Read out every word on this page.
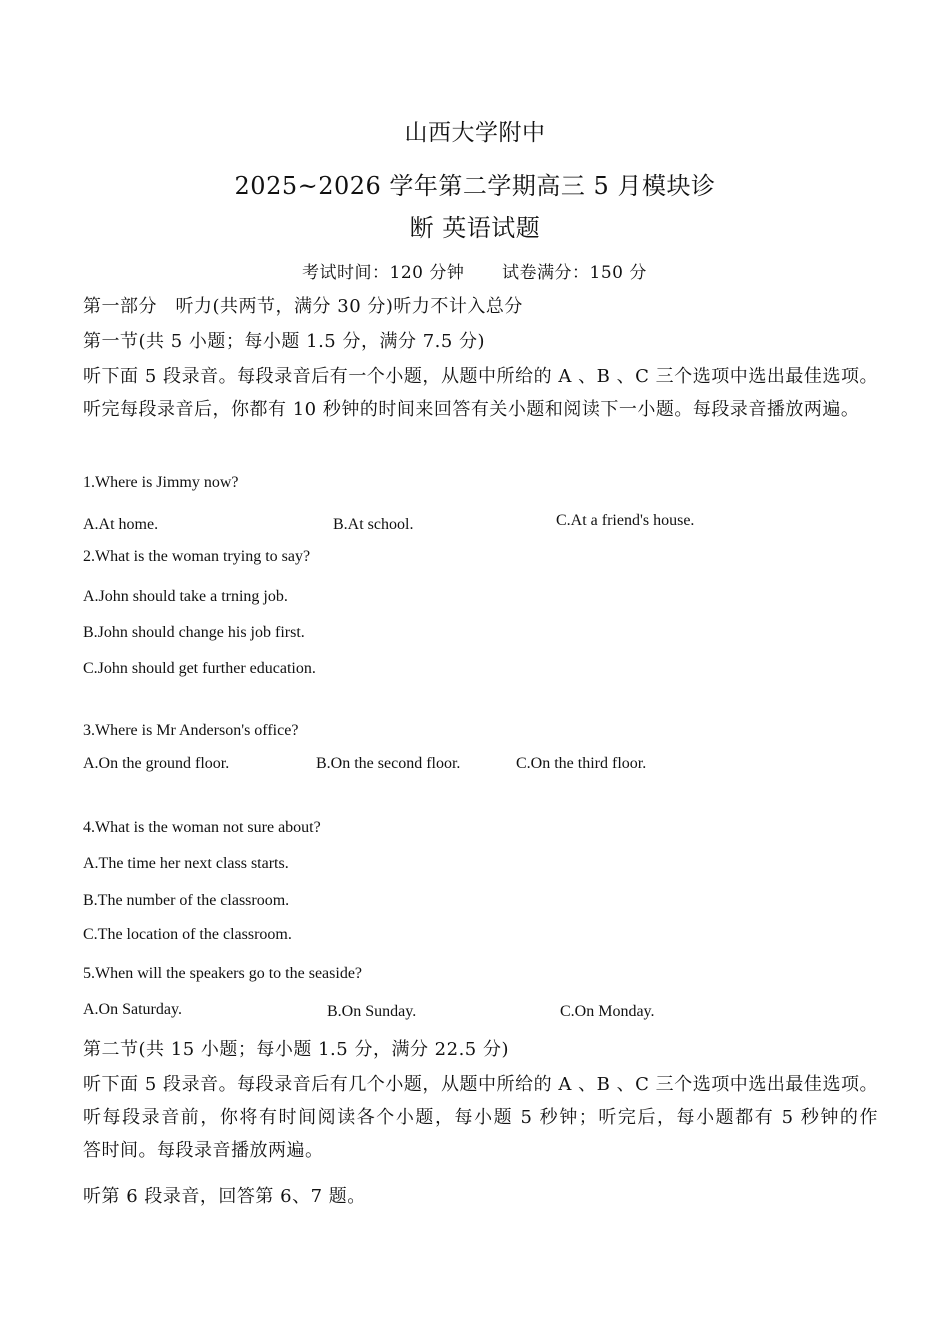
山西大学附中
2025~2026 学年第二学期高三 5 月模块诊
断 英语试题
考试时间：120 分钟 试卷满分：150 分
第一部分　听力(共两节，满分 30 分)听力不计入总分
第一节(共 5 小题；每小题 1.5 分，满分 7.5 分)
听下面 5 段录音。每段录音后有一个小题，从题中所给的 A 、B 、C 三个选项中选出最佳选项。 听完每段录音后，你都有 10 秒钟的时间来回答有关小题和阅读下一小题。每段录音播放两遍。
1.Where is Jimmy now?
A.At home.	B.At school.	C.At a friend's house.
2.What is the woman trying to say?
A.John should take a trning job.
B.John should change his job first.
C.John should get further education.
3.Where is Mr Anderson's office?
A.On the ground floor.	B.On the second floor.	C.On the third floor.
4.What is the woman not sure about?
A.The time her next class starts.
B.The number of the classroom.
C.The location of the classroom.
5.When will the speakers go to the seaside?
A.On Saturday.	B.On Sunday.	C.On Monday.
第二节(共 15 小题；每小题 1.5 分，满分 22.5 分)
听下面 5 段录音。每段录音后有几个小题，从题中所给的 A 、B 、C 三个选项中选出最佳选项。 听每段录音前，你将有时间阅读各个小题，每小题 5 秒钟；听完后，每小题都有 5 秒钟的作　　答时间。每段录音播放两遍。
听第 6 段录音，回答第 6、7 题。
